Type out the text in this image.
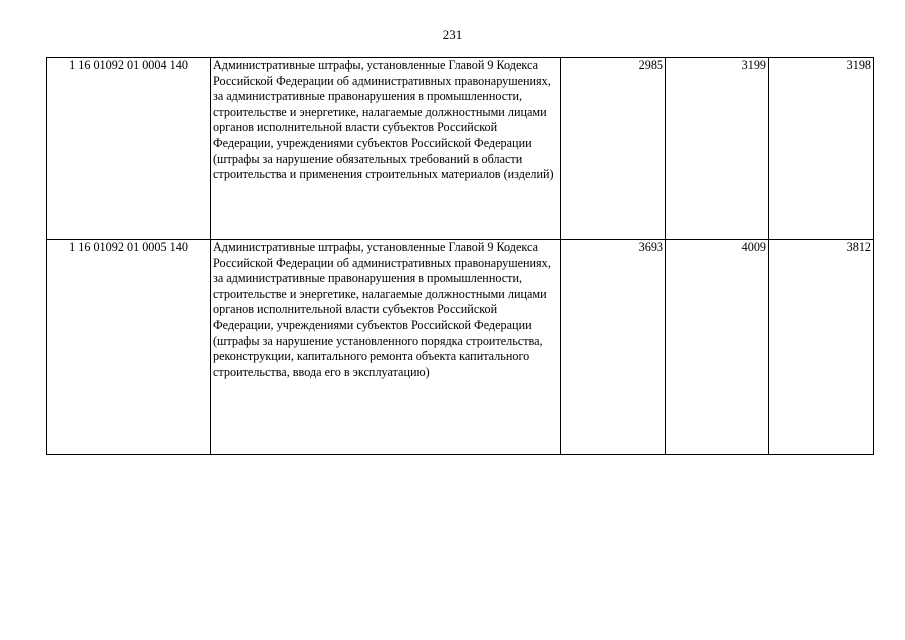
231
1 16 01092 01 0004 140	Административные штрафы, установленные Главой 9 Кодекса Российской Федерации об административных правонарушениях, за административные правонарушения в промышленности, строительстве и энергетике, налагаемые должностными лицами органов исполнительной власти субъектов Российской Федерации, учреждениями субъектов Российской Федерации (штрафы за нарушение обязательных требований в области строительства и применения строительных материалов (изделий)	2985	3199	3198
1 16 01092 01 0005 140	Административные штрафы, установленные Главой 9 Кодекса Российской Федерации об административных правонарушениях, за административные правонарушения в промышленности, строительстве и энергетике, налагаемые должностными лицами органов исполнительной власти субъектов Российской Федерации, учреждениями субъектов Российской Федерации (штрафы за нарушение установленного порядка строительства, реконструкции, капитального ремонта объекта капитального строительства, ввода его в эксплуатацию)	3693	4009	3812
